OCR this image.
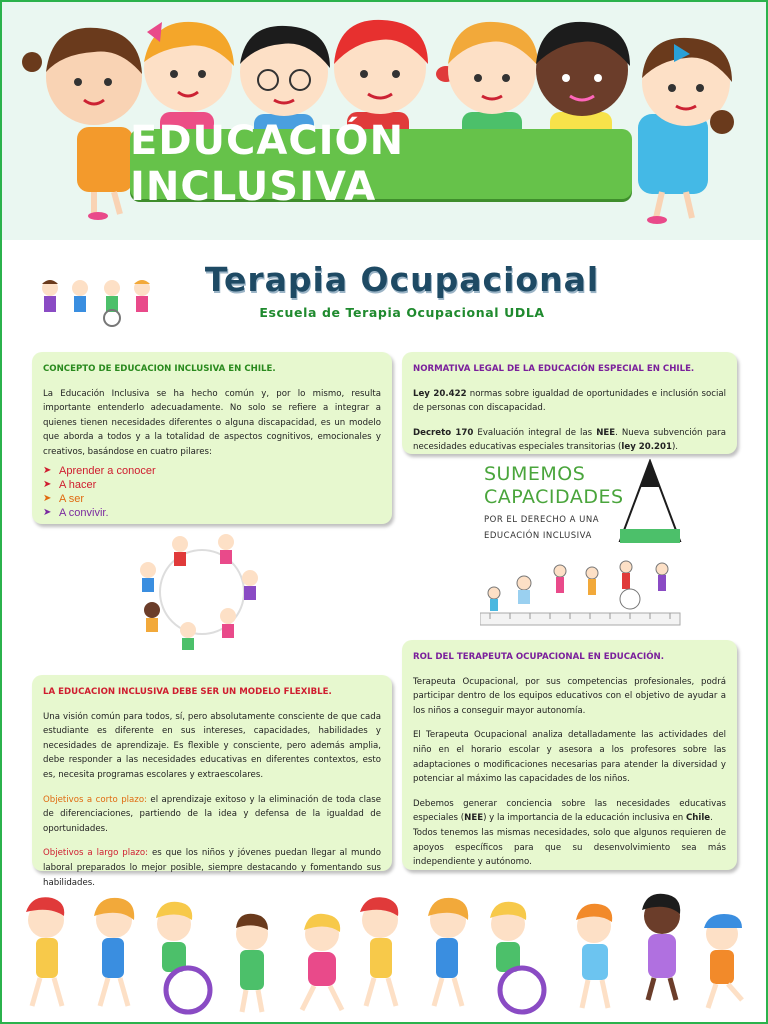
EDUCACIÓN INCLUSIVA
Terapia Ocupacional
Escuela de Terapia Ocupacional UDLA
CONCEPTO DE EDUCACION INCLUSIVA EN CHILE.

La Educación Inclusiva se ha hecho común y, por lo mismo, resulta importante entenderlo adecuadamente. No solo se refiere a integrar a quienes tienen necesidades diferentes o alguna discapacidad, es un modelo que aborda a todos y a la totalidad de aspectos cognitivos, emocionales y creativos, basándose en cuatro pilares:

➤ Aprender a conocer
➤ A hacer
➤ A ser
➤ A convivir.
NORMATIVA LEGAL DE LA EDUCACIÓN ESPECIAL EN CHILE.

Ley 20.422 normas sobre igualdad de oportunidades e inclusión social de personas con discapacidad.

Decreto 170 Evaluación integral de las NEE. Nueva subvención para necesidades educativas especiales transitorias (ley 20.201).

SUMEMOS
CAPACIDADES
POR EL DERECHO A UNA
EDUCACIÓN INCLUSIVA
ROL DEL TERAPEUTA OCUPACIONAL EN EDUCACIÓN.

Terapeuta Ocupacional, por sus competencias profesionales, podrá participar dentro de los equipos educativos con el objetivo de ayudar a los niños a conseguir mayor autonomía.

El Terapeuta Ocupacional analiza detalladamente las actividades del niño en el horario escolar y asesora a los profesores sobre las adaptaciones o modificaciones necesarias para atender la diversidad y potenciar al máximo las capacidades de los niños.

Debemos generar conciencia sobre las necesidades educativas especiales (NEE) y la importancia de la educación inclusiva en Chile.

Todos tenemos las mismas necesidades, solo que algunos requieren de apoyos específicos para que su desenvolvimiento sea más independiente y autónomo.

LA EDUCACION INCLUSIVA DEBE SER UN MODELO FLEXIBLE.

Una visión común para todos, sí, pero absolutamente consciente de que cada estudiante es diferente en sus intereses, capacidades, habilidades y necesidades de aprendizaje. Es flexible y consciente, pero además amplia, debe responder a las necesidades educativas en diferentes contextos, esto es, necesita programas escolares y extraescolares.

Objetivos a corto plazo: el aprendizaje exitoso y la eliminación de toda clase de diferenciaciones, partiendo de la idea y defensa de la igualdad de oportunidades.

Objetivos a largo plazo: es que los niños y jóvenes puedan llegar al mundo laboral preparados lo mejor posible, siempre destacando y fomentando sus habilidades.
